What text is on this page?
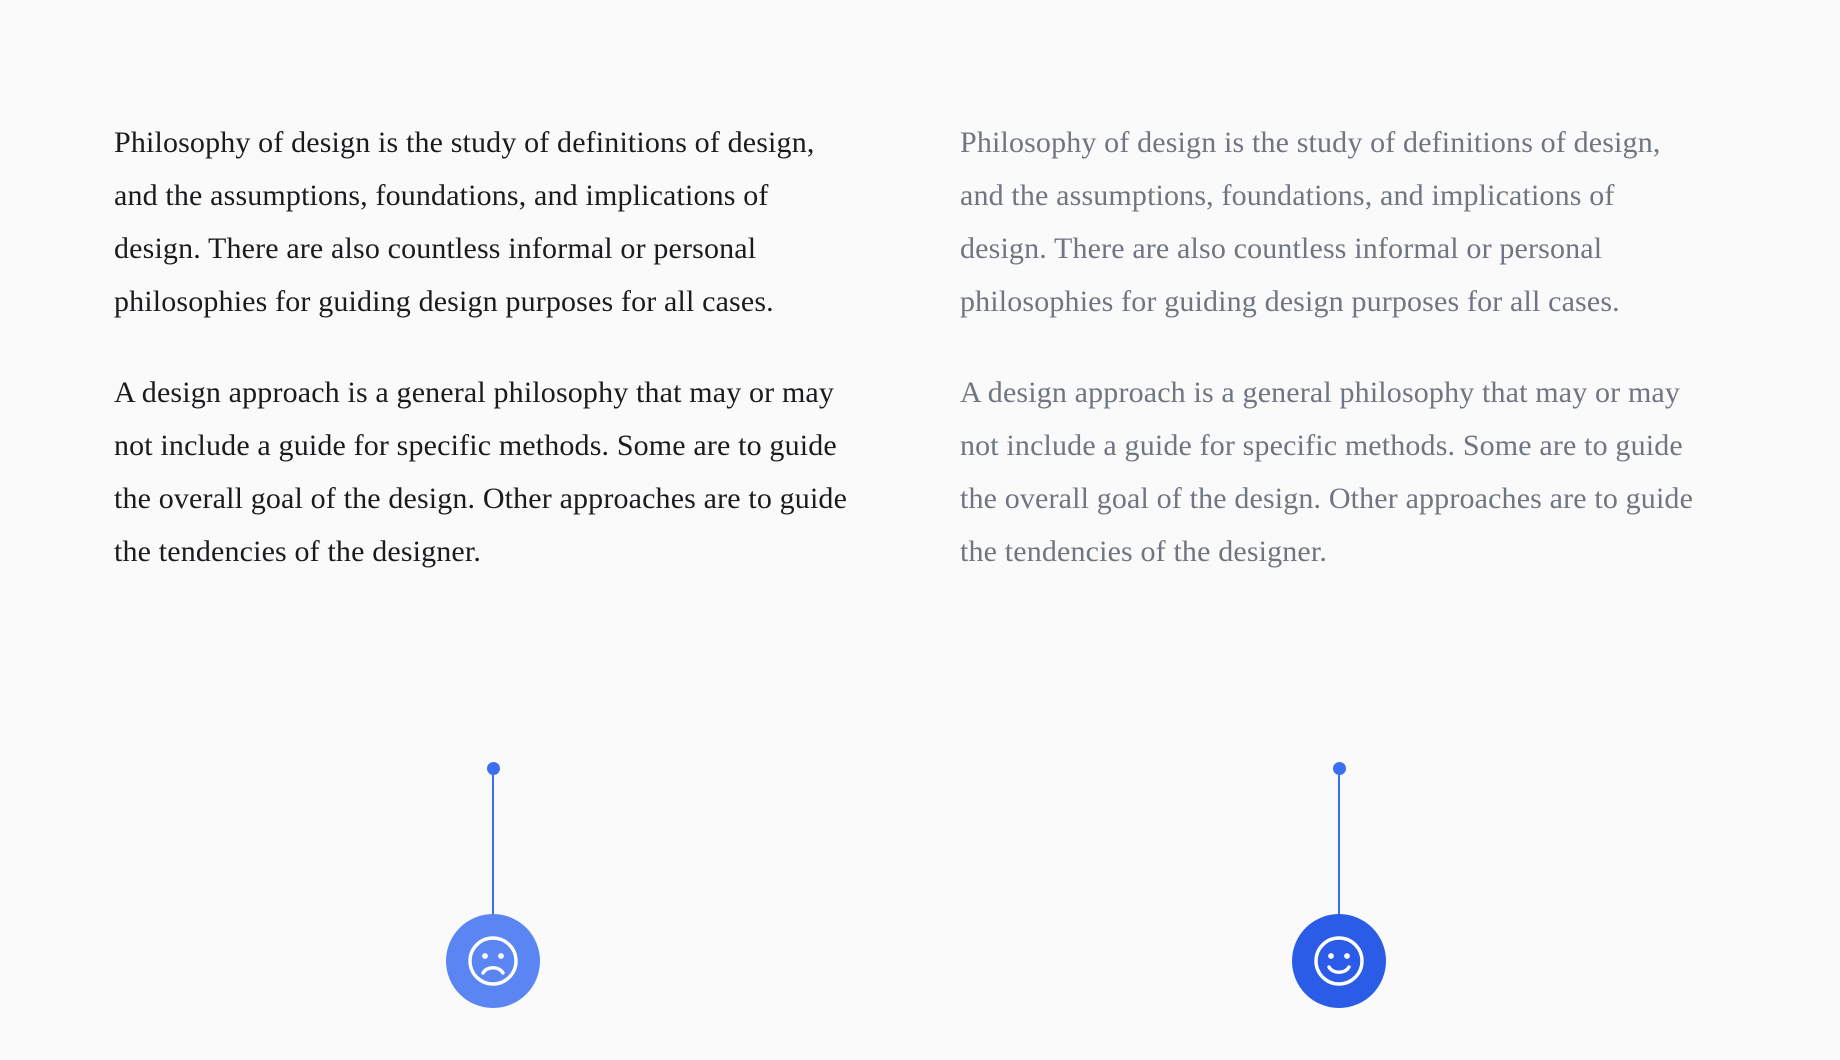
Philosophy of design is the study of definitions of design, and the assumptions, foundations, and implications of design. There are also countless informal or personal philosophies for guiding design purposes for all cases.

A design approach is a general philosophy that may or may not include a guide for specific methods. Some are to guide the overall goal of the design. Other approaches are to guide the tendencies of the designer.

Philosophy of design is the study of definitions of design, and the assumptions, foundations, and implications of design. There are also countless informal or personal philosophies for guiding design purposes for all cases.

A design approach is a general philosophy that may or may not include a guide for specific methods. Some are to guide the overall goal of the design. Other approaches are to guide the tendencies of the designer.
